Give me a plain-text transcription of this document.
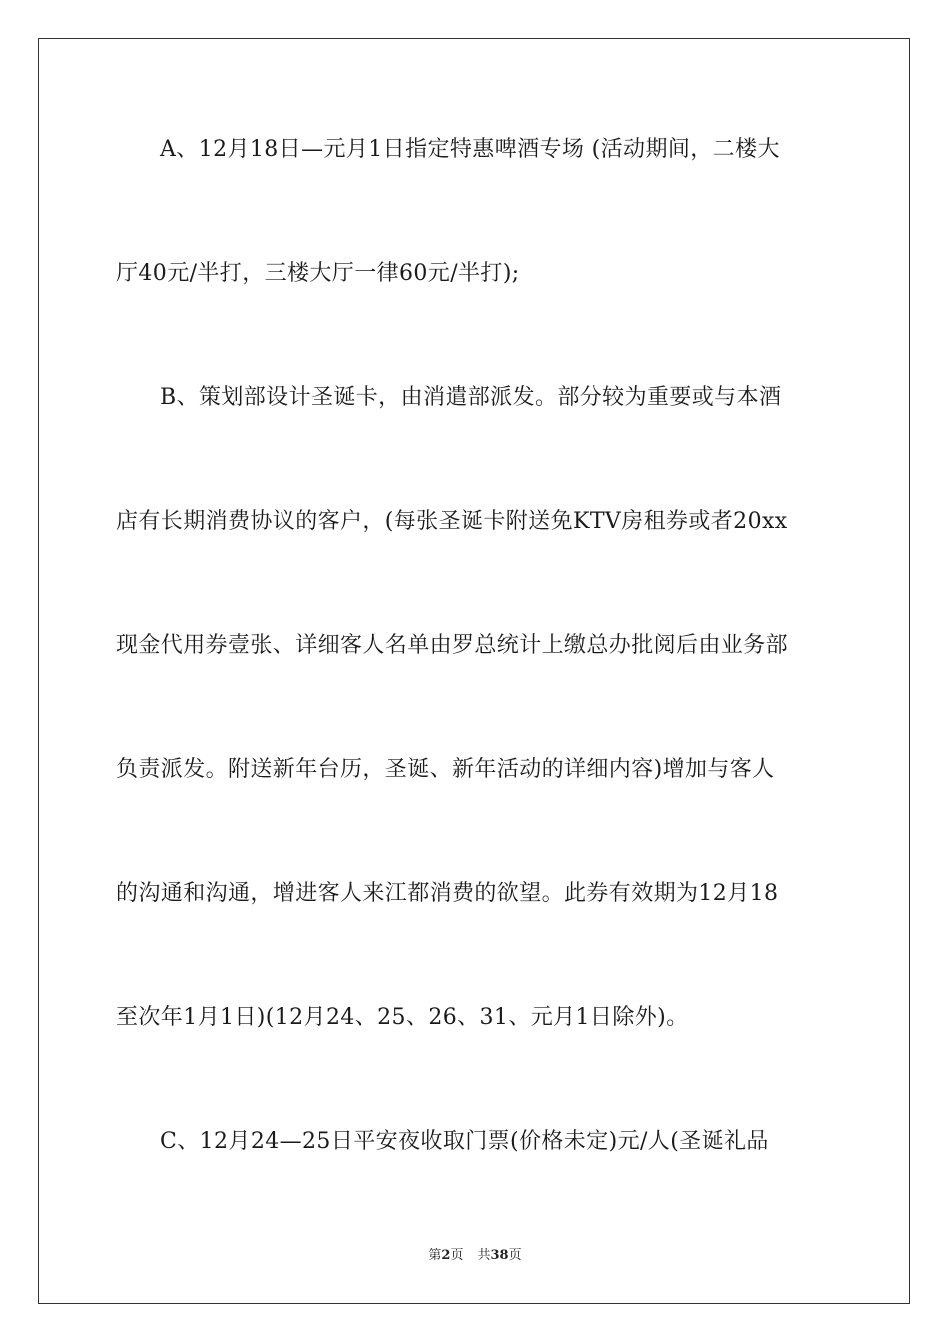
A、12月18日—元月1日指定特惠啤酒专场 (活动期间，二楼大
厅40元/半打，三楼大厅一律60元/半打);
B、策划部设计圣诞卡，由消遣部派发。部分较为重要或与本酒
店有长期消费协议的客户，(每张圣诞卡附送免KTV房租券或者20xx
现金代用券壹张、详细客人名单由罗总统计上缴总办批阅后由业务部
负责派发。附送新年台历，圣诞、新年活动的详细内容)增加与客人
的沟通和沟通，增进客人来江都消费的欲望。此券有效期为12月18
至次年1月1日)(12月24、25、26、31、元月1日除外)。
C、12月24—25日平安夜收取门票(价格未定)元/人(圣诞礼品
第2页 共38页
